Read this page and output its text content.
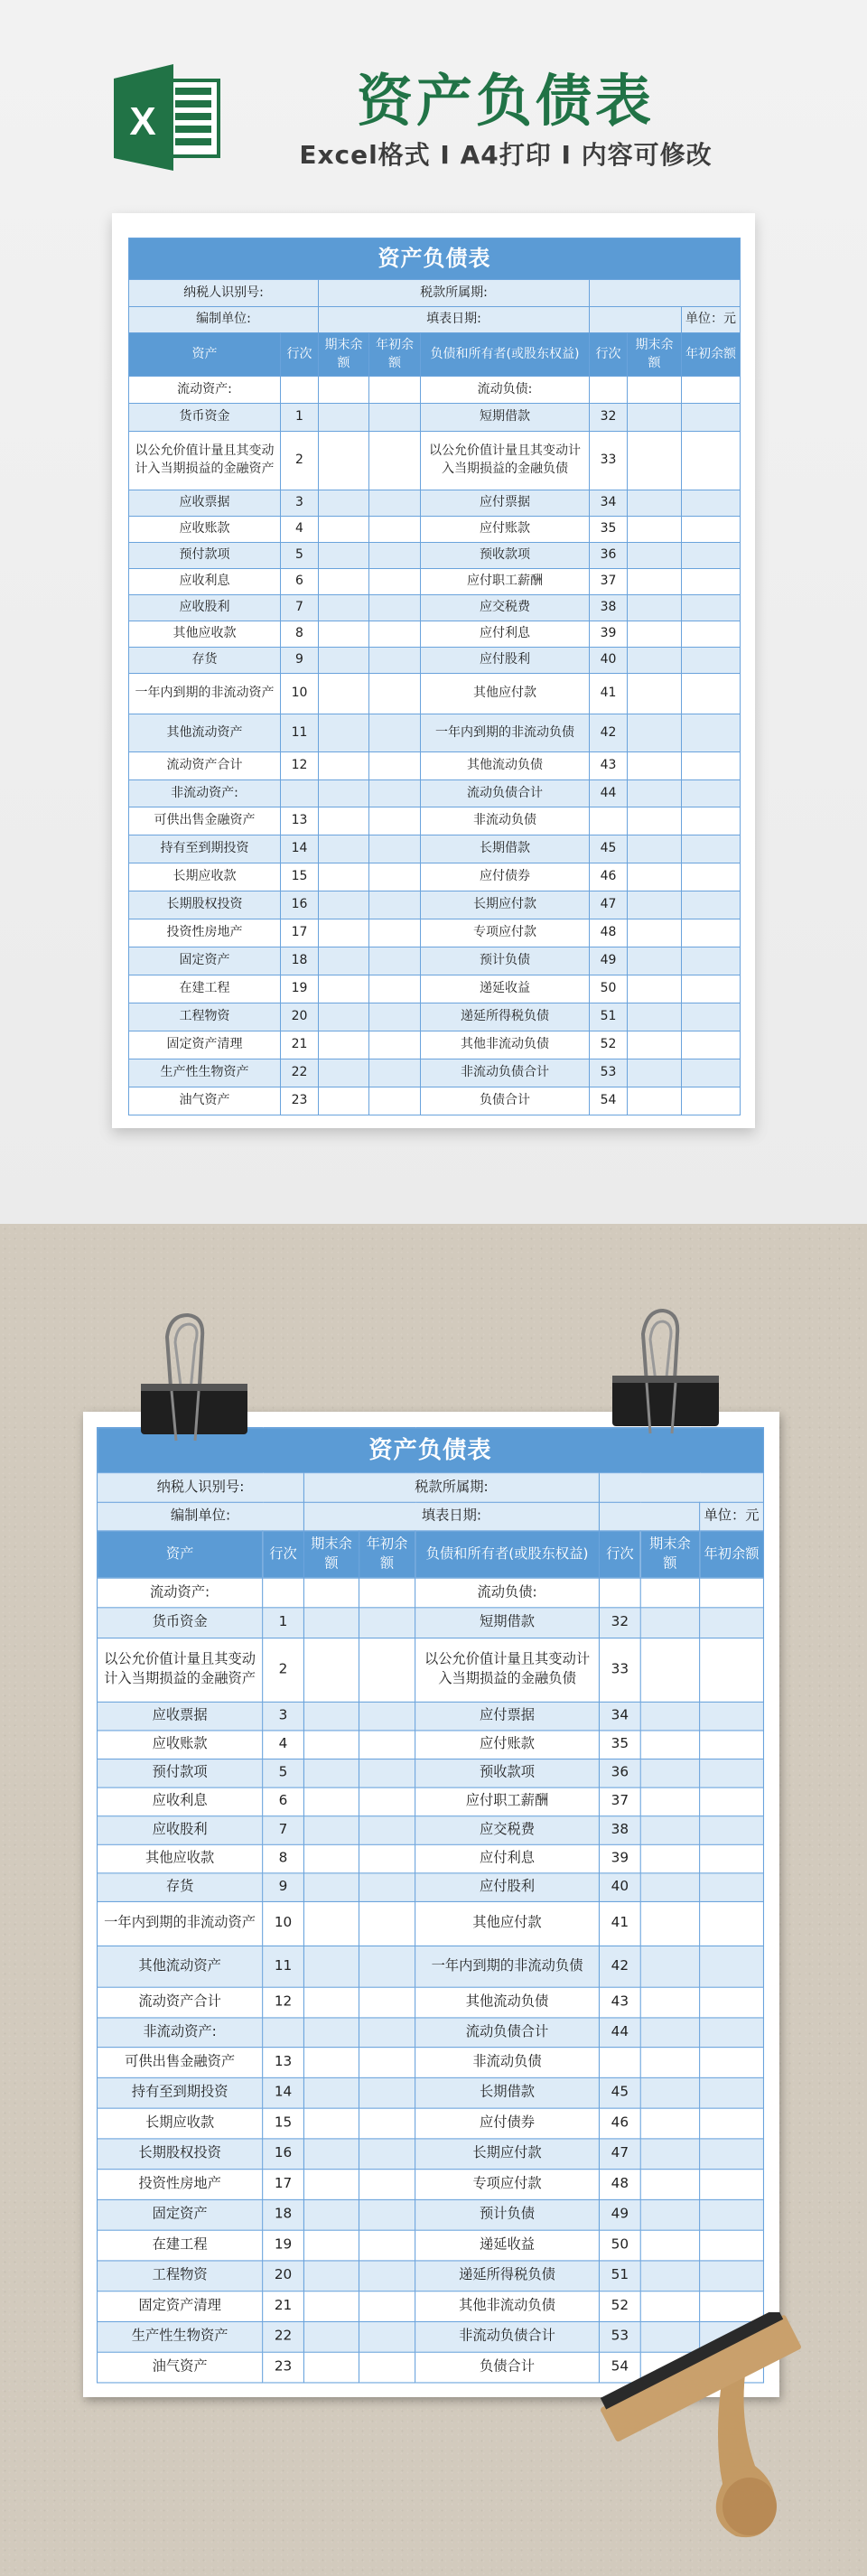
X	资产负债表
Excel格式 I A4打印 I 内容可修改
资产负债表							
纳税人识别号:		税款所属期:					
编制单位:		填表日期:					单位：元
资产	行次	期末余额	年初余额	负债和所有者(或股东权益)	行次	期末余额	年初余额
流动资产:				流动负债:			
货币资金	1			短期借款	32		
以公允价值计量且其变动计入当期损益的金融资产	2			以公允价值计量且其变动计入当期损益的金融负债	33		
应收票据	3			应付票据	34		
应收账款	4			应付账款	35		
预付款项	5			预收款项	36		
应收利息	6			应付职工薪酬	37		
应收股利	7			应交税费	38		
其他应收款	8			应付利息	39		
存货	9			应付股利	40		
一年内到期的非流动资产	10			其他应付款	41		
其他流动资产	11			一年内到期的非流动负债	42		
流动资产合计	12			其他流动负债	43		
非流动资产:				流动负债合计	44		
可供出售金融资产	13			非流动负债			
持有至到期投资	14			长期借款	45		
长期应收款	15			应付债券	46		
长期股权投资	16			长期应付款	47		
投资性房地产	17			专项应付款	48		
固定资产	18			预计负债	49		
在建工程	19			递延收益	50		
工程物资	20			递延所得税负债	51		
固定资产清理	21			其他非流动负债	52		
生产性生物资产	22			非流动负债合计	53		
油气资产	23			负债合计	54		
资产负债表							
纳税人识别号:		税款所属期:					
编制单位:		填表日期:					单位：元
资产	行次	期末余额	年初余额	负债和所有者(或股东权益)	行次	期末余额	年初余额
流动资产:				流动负债:			
货币资金	1			短期借款	32		
以公允价值计量且其变动计入当期损益的金融资产	2			以公允价值计量且其变动计入当期损益的金融负债	33		
应收票据	3			应付票据	34		
应收账款	4			应付账款	35		
预付款项	5			预收款项	36		
应收利息	6			应付职工薪酬	37		
应收股利	7			应交税费	38		
其他应收款	8			应付利息	39		
存货	9			应付股利	40		
一年内到期的非流动资产	10			其他应付款	41		
其他流动资产	11			一年内到期的非流动负债	42		
流动资产合计	12			其他流动负债	43		
非流动资产:				流动负债合计	44		
可供出售金融资产	13			非流动负债			
持有至到期投资	14			长期借款	45		
长期应收款	15			应付债券	46		
长期股权投资	16			长期应付款	47		
投资性房地产	17			专项应付款	48		
固定资产	18			预计负债	49		
在建工程	19			递延收益	50		
工程物资	20			递延所得税负债	51		
固定资产清理	21			其他非流动负债	52		
生产性生物资产	22			非流动负债合计	53		
油气资产	23			负债合计	54		
